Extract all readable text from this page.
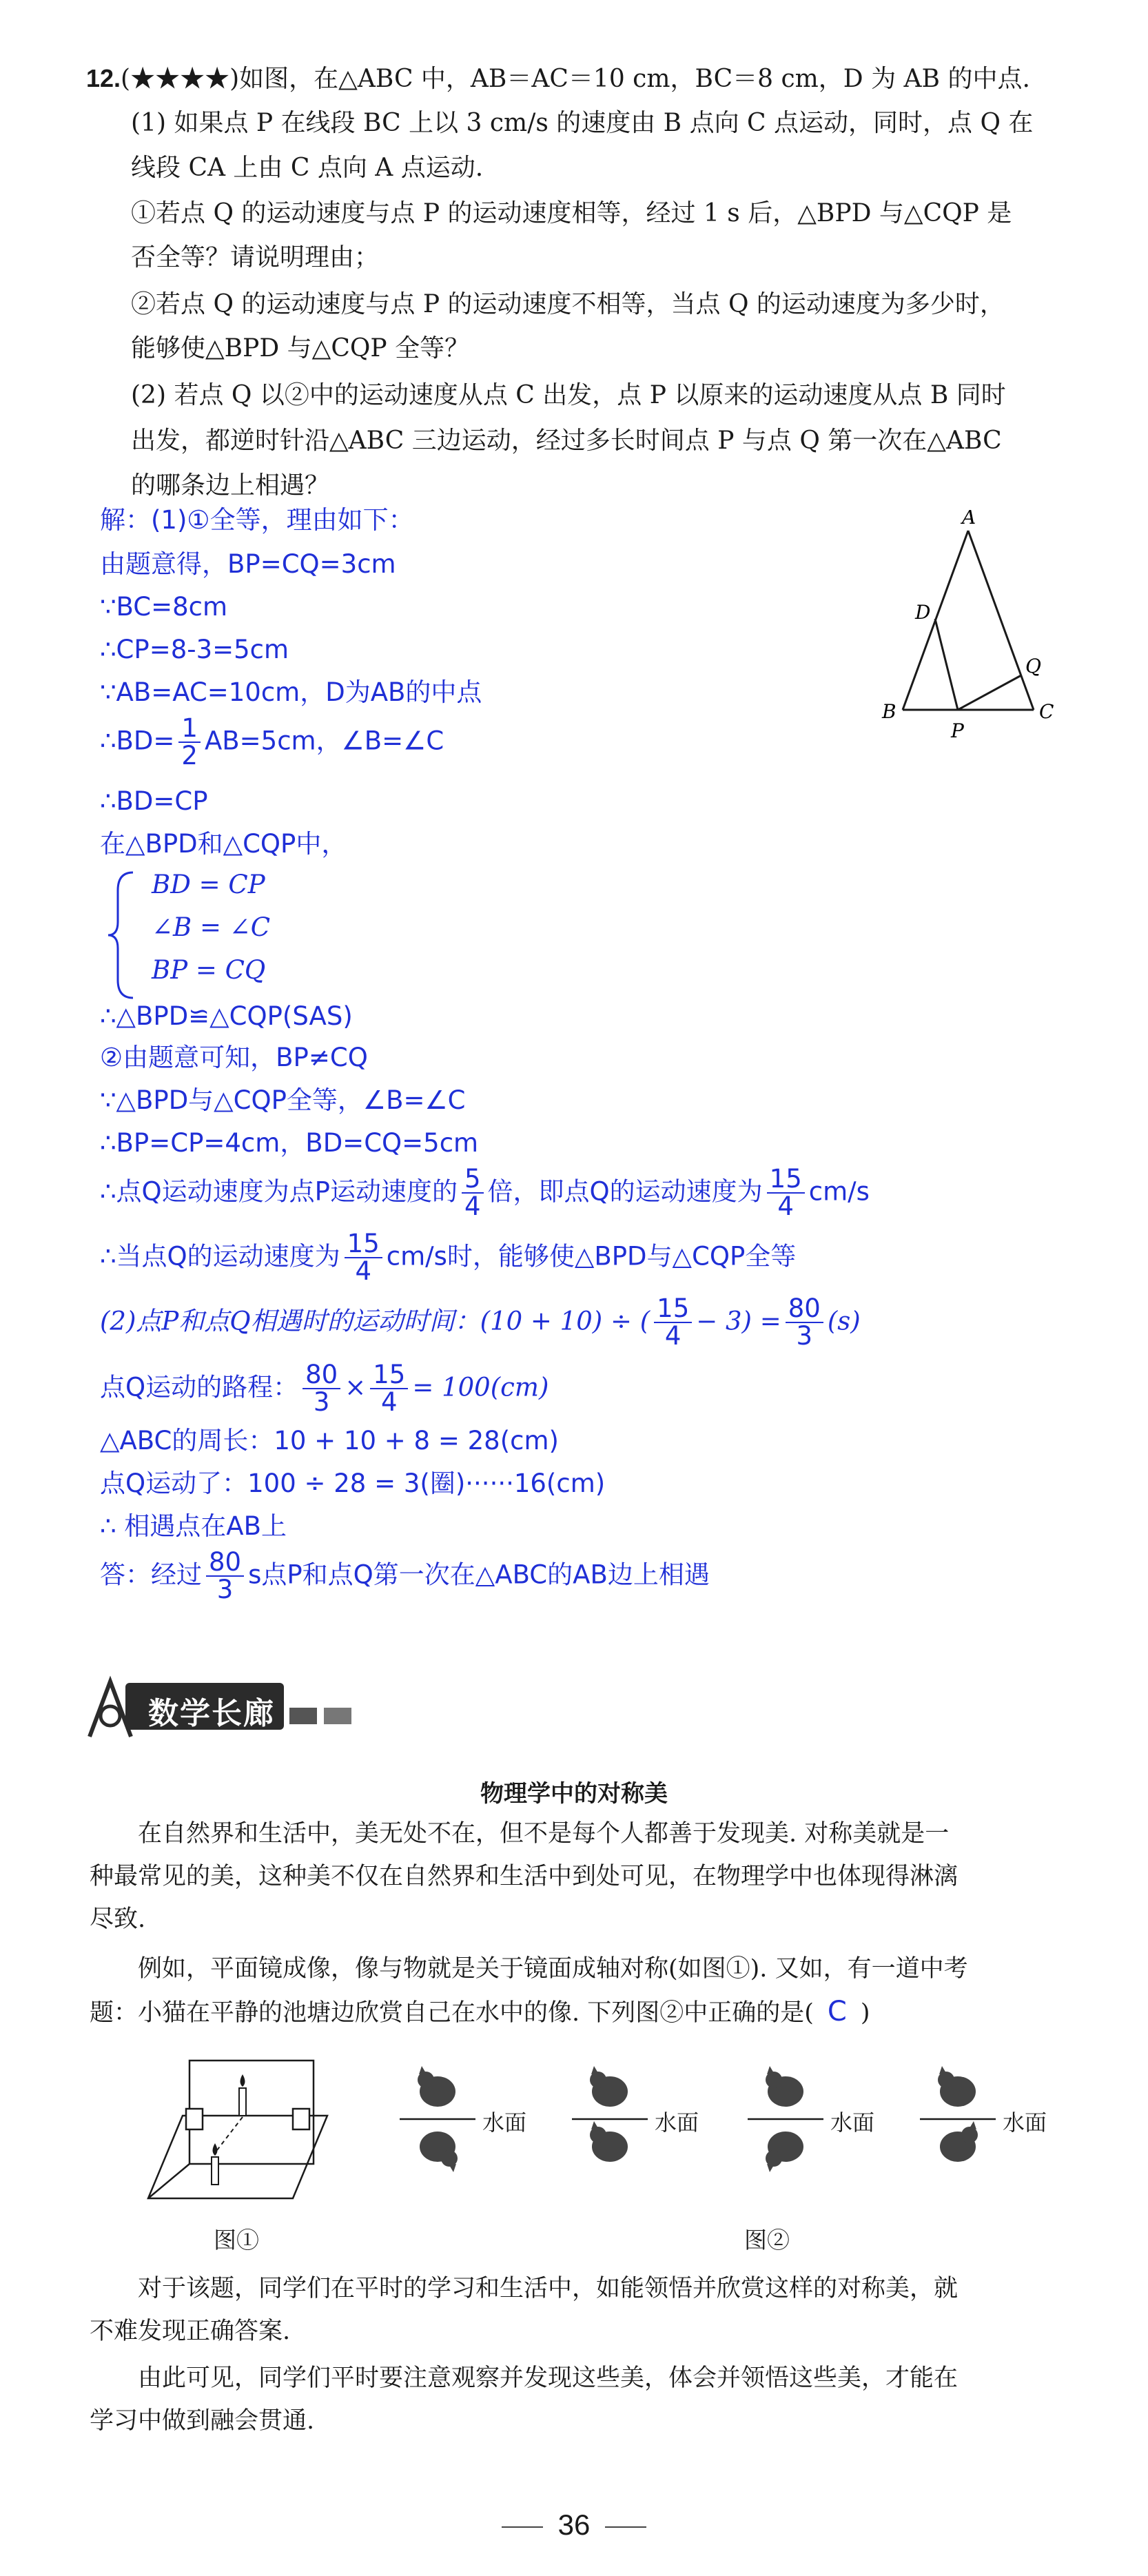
12.(★★★★)如图，在△ABC 中，AB＝AC＝10 cm，BC＝8 cm，D 为 AB 的中点.
(1) 如果点 P 在线段 BC 上以 3 cm/s 的速度由 B 点向 C 点运动，同时，点 Q 在
线段 CA 上由 C 点向 A 点运动.
①若点 Q 的运动速度与点 P 的运动速度相等，经过 1 s 后，△BPD 与△CQP 是
否全等？请说明理由；
②若点 Q 的运动速度与点 P 的运动速度不相等，当点 Q 的运动速度为多少时，
能够使△BPD 与△CQP 全等？
(2) 若点 Q 以②中的运动速度从点 C 出发，点 P 以原来的运动速度从点 B 同时
出发，都逆时针沿△ABC 三边运动，经过多长时间点 P 与点 Q 第一次在△ABC
的哪条边上相遇？
A
B	C
D
P
Q
解：(1)①全等，理由如下：
由题意得，BP=CQ=3cm
∵BC=8cm
∴CP=8-3=5cm
∵AB=AC=10cm，D为AB的中点
∴BD= $\frac{1}{2} AB=5cm$，∠B=∠C
∴BD=CP
在△BPD和△CQP中，
BD = CP
∠B = ∠C
BP = CQ
∴△BPD≌△CQP(SAS)
②由题意可知，BP≠CQ
∵△BPD与△CQP全等，∠B=∠C
∴BP=CP=4cm，BD=CQ=5cm
∴点Q运动速度为点P运动速度的 $\frac{5}{4}$ 倍，即点Q的运动速度为 $\frac{15}{4} cm/s$
∴当点Q的运动速度为 $\frac{15}{4} cm/s$时，能够使△BPD与△CQP全等
(2)点P和点Q相遇时的运动时间：(10 + 10) ÷ ( $\frac{15}{4} - 3) = \frac{80}{3} (s)$
点Q运动的路程： $\frac{80}{3} \times \frac{15}{4} = 100(cm)$
△ABC的周长：10 + 10 + 8 = 28(cm)
点Q运动了：100 ÷ 28 = 3(圈)······16(cm)
∴ 相遇点在AB上
答：经过 $\frac{80}{3}$ s点P和点Q第一次在△ABC的AB边上相遇
数学长廊
物理学中的对称美
在自然界和生活中，美无处不在，但不是每个人都善于发现美. 对称美就是一
种最常见的美，这种美不仅在自然界和生活中到处可见，在物理学中也体现得淋漓
尽致.
例如，平面镜成像，像与物就是关于镜面成轴对称(如图①). 又如，有一道中考
题：小猫在平静的池塘边欣赏自己在水中的像. 下列图②中正确的是( C )
图①
水面	水面	水面	水面
图②
对于该题，同学们在平时的学习和生活中，如能领悟并欣赏这样的对称美，就
不难发现正确答案.
由此可见，同学们平时要注意观察并发现这些美，体会并领悟这些美，才能在
学习中做到融会贯通.
36
